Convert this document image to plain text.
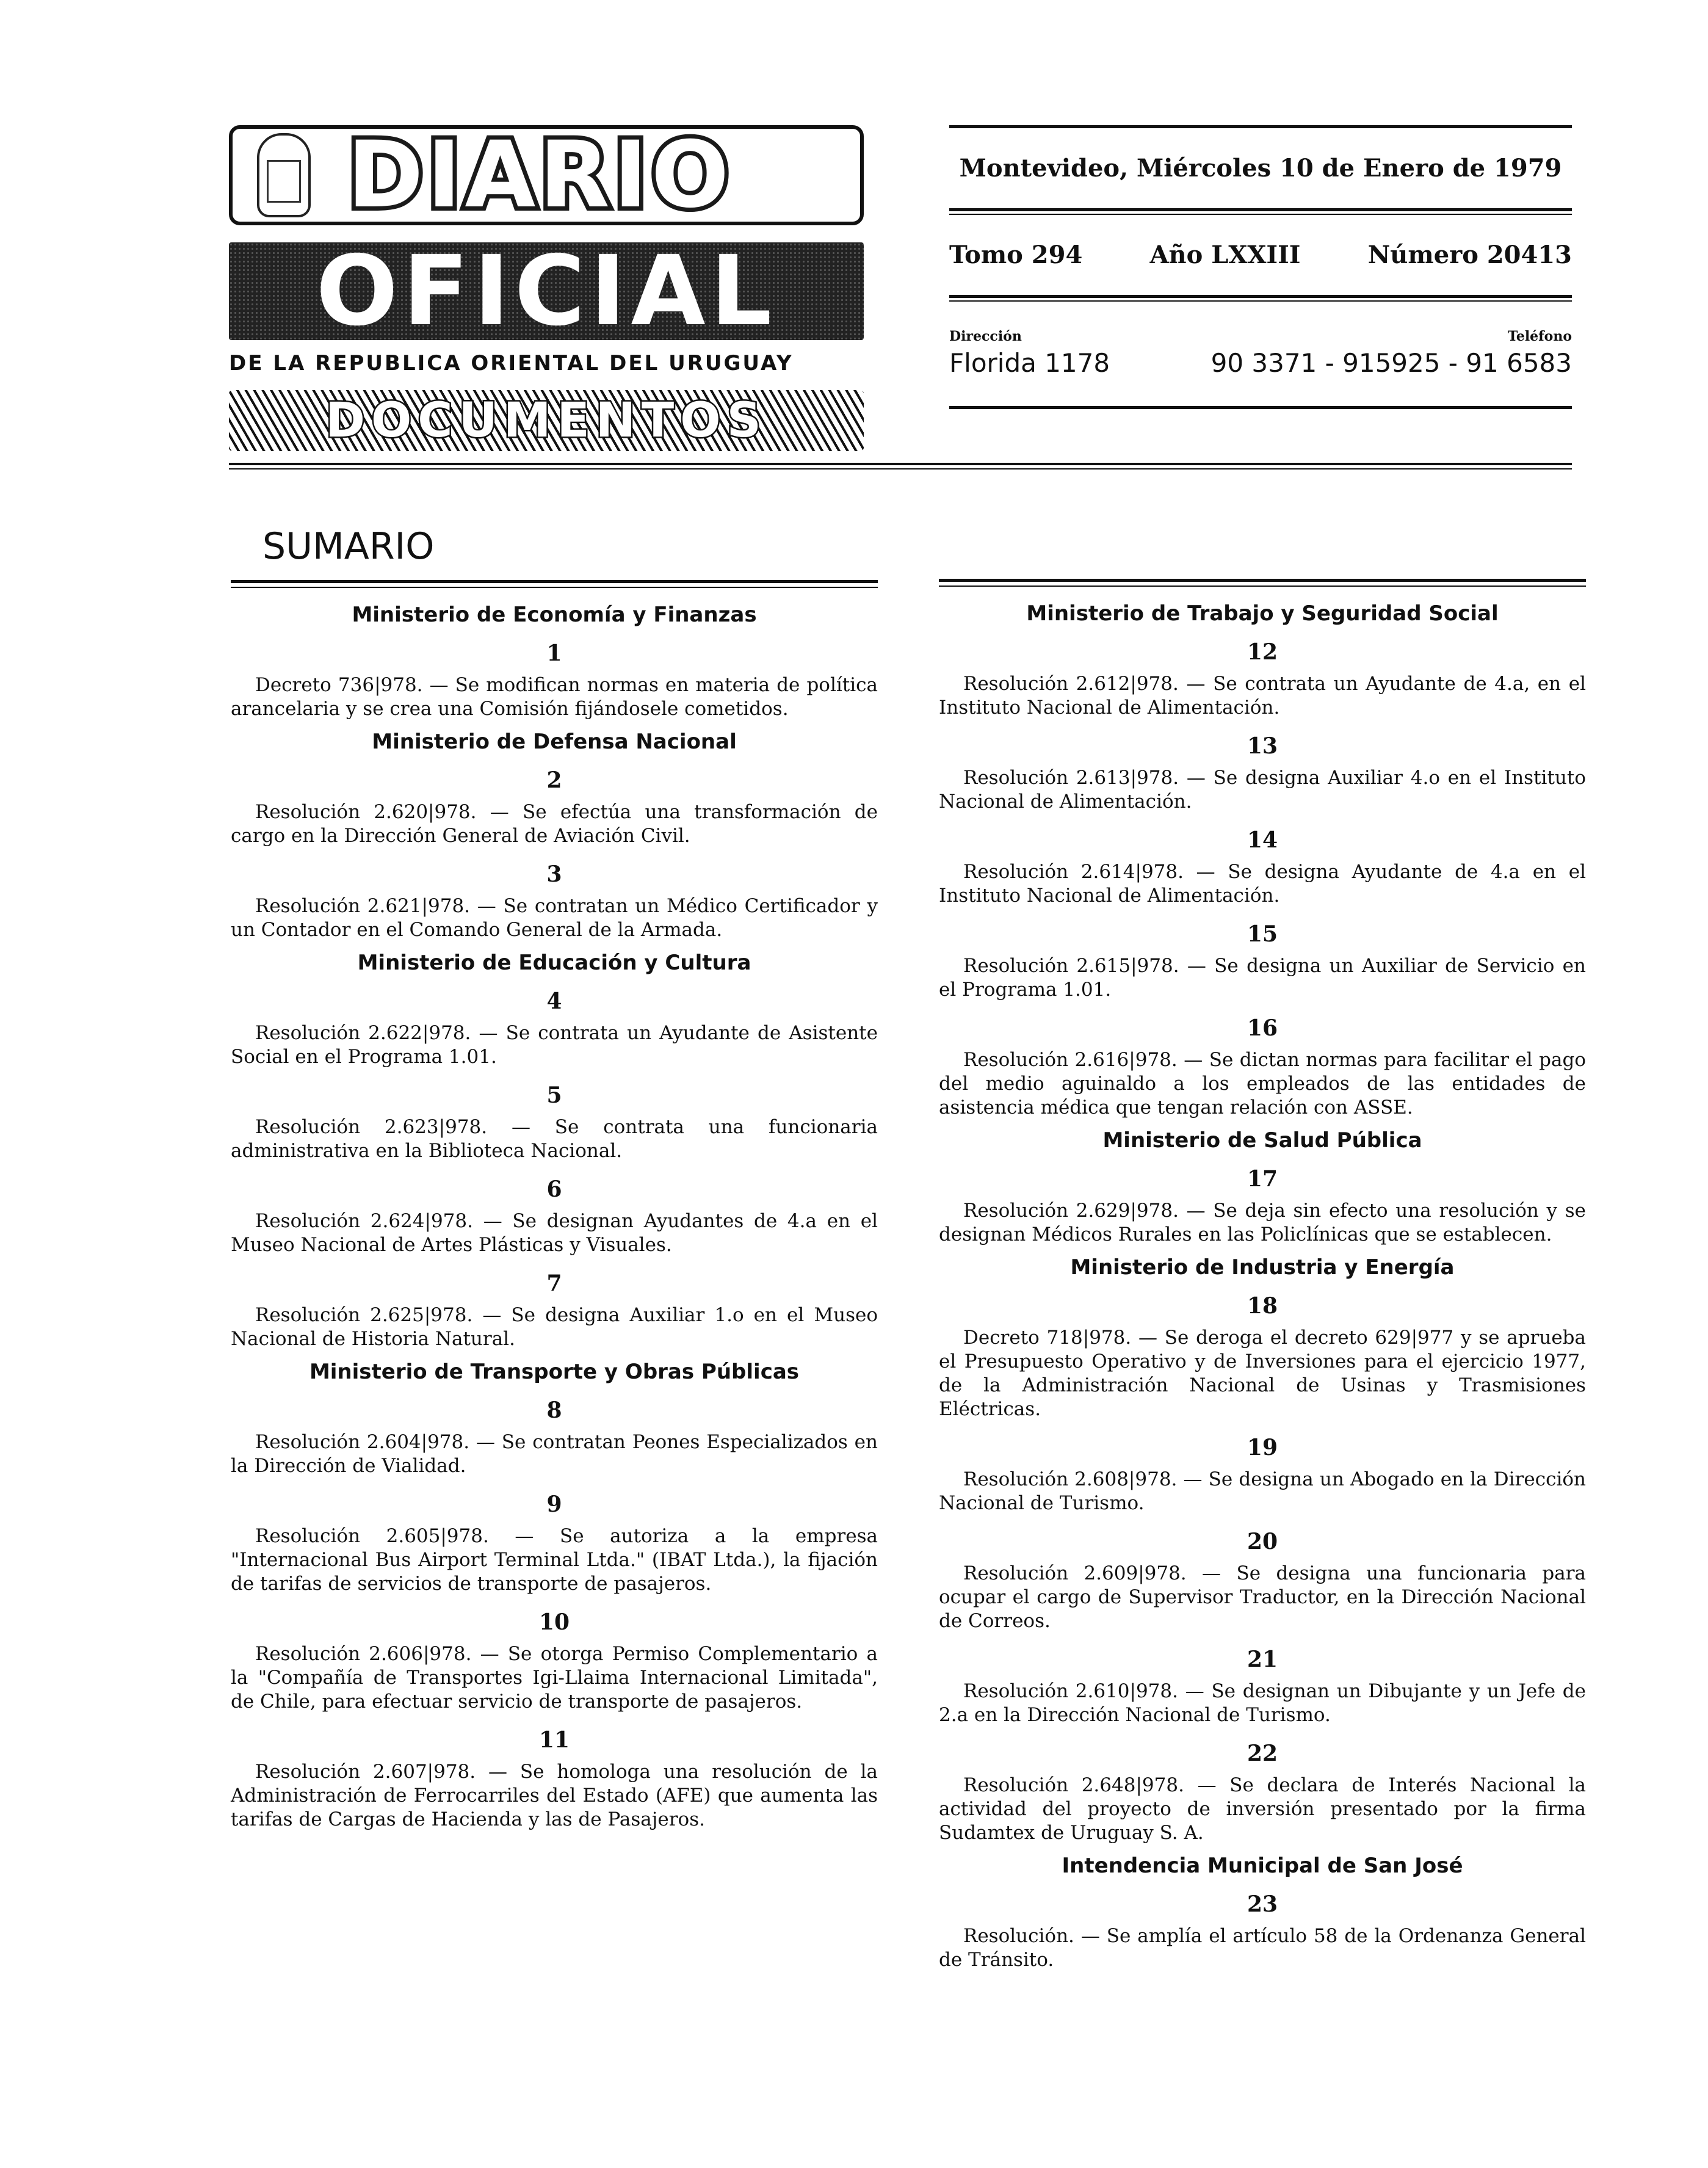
DIARIO
OFICIAL
DE LA REPUBLICA ORIENTAL DEL URUGUAY
DOCUMENTOS
Montevideo, Miércoles 10 de Enero de 1979
Tomo 294	Año LXXIII	Número 20413
Dirección	Teléfono
Florida 1178	90 3371 - 915925 - 91 6583
SUMARIO
Ministerio de Economía y Finanzas
1
Decreto 736|978. — Se modifican normas en materia de política arancelaria y se crea una Comisión fijándosele cometidos.
Ministerio de Defensa Nacional
2
Resolución 2.620|978. — Se efectúa una transformación de cargo en la Dirección General de Aviación Civil.
3
Resolución 2.621|978. — Se contratan un Médico Certificador y un Contador en el Comando General de la Armada.
Ministerio de Educación y Cultura
4
Resolución 2.622|978. — Se contrata un Ayudante de Asistente Social en el Programa 1.01.
5
Resolución 2.623|978. — Se contrata una funcionaria administrativa en la Biblioteca Nacional.
6
Resolución 2.624|978. — Se designan Ayudantes de 4.a en el Museo Nacional de Artes Plásticas y Visuales.
7
Resolución 2.625|978. — Se designa Auxiliar 1.o en el Museo Nacional de Historia Natural.
Ministerio de Transporte y Obras Públicas
8
Resolución 2.604|978. — Se contratan Peones Especializados en la Dirección de Vialidad.
9
Resolución 2.605|978. — Se autoriza a la empresa "Internacional Bus Airport Terminal Ltda." (IBAT Ltda.), la fijación de tarifas de servicios de transporte de pasajeros.
10
Resolución 2.606|978. — Se otorga Permiso Complementario a la "Compañía de Transportes Igi-Llaima Internacional Limitada", de Chile, para efectuar servicio de transporte de pasajeros.
11
Resolución 2.607|978. — Se homologa una resolución de la Administración de Ferrocarriles del Estado (AFE) que aumenta las tarifas de Cargas de Hacienda y las de Pasajeros.
Ministerio de Trabajo y Seguridad Social
12
Resolución 2.612|978. — Se contrata un Ayudante de 4.a, en el Instituto Nacional de Alimentación.
13
Resolución 2.613|978. — Se designa Auxiliar 4.o en el Instituto Nacional de Alimentación.
14
Resolución 2.614|978. — Se designa Ayudante de 4.a en el Instituto Nacional de Alimentación.
15
Resolución 2.615|978. — Se designa un Auxiliar de Servicio en el Programa 1.01.
16
Resolución 2.616|978. — Se dictan normas para facilitar el pago del medio aguinaldo a los empleados de las entidades de asistencia médica que tengan relación con ASSE.
Ministerio de Salud Pública
17
Resolución 2.629|978. — Se deja sin efecto una resolución y se designan Médicos Rurales en las Policlínicas que se establecen.
Ministerio de Industria y Energía
18
Decreto 718|978. — Se deroga el decreto 629|977 y se aprueba el Presupuesto Operativo y de Inversiones para el ejercicio 1977, de la Administración Nacional de Usinas y Trasmisiones Eléctricas.
19
Resolución 2.608|978. — Se designa un Abogado en la Dirección Nacional de Turismo.
20
Resolución 2.609|978. — Se designa una funcionaria para ocupar el cargo de Supervisor Traductor, en la Dirección Nacional de Correos.
21
Resolución 2.610|978. — Se designan un Dibujante y un Jefe de 2.a en la Dirección Nacional de Turismo.
22
Resolución 2.648|978. — Se declara de Interés Nacional la actividad del proyecto de inversión presentado por la firma Sudamtex de Uruguay S. A.
Intendencia Municipal de San José
23
Resolución. — Se amplía el artículo 58 de la Ordenanza General de Tránsito.
